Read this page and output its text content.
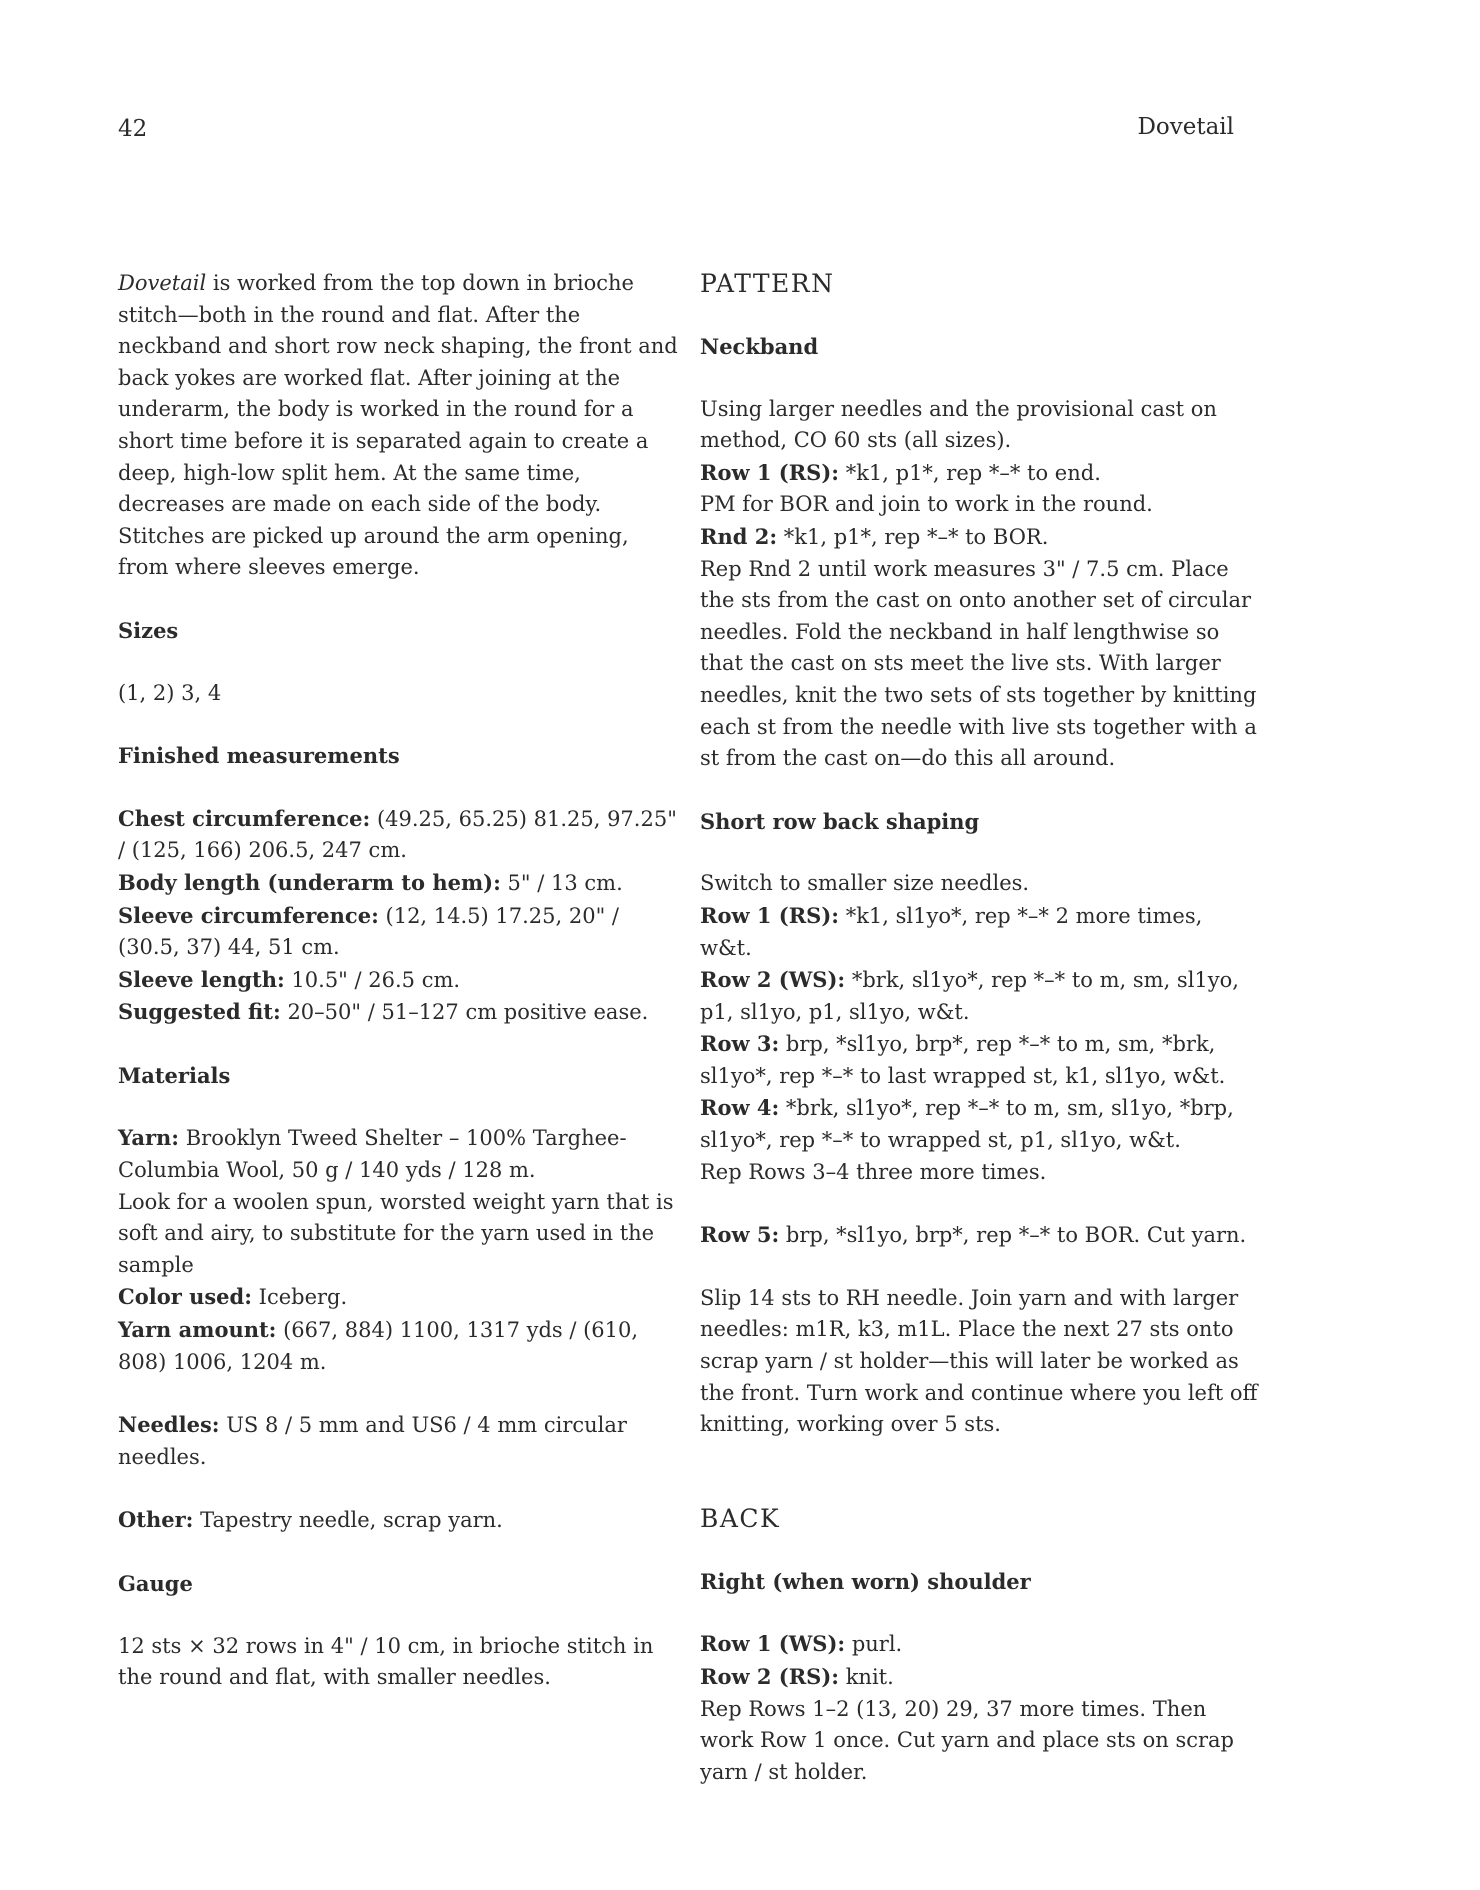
42	Dovetail

Dovetail is worked from the top down in brioche stitch—both in the round and flat. After the neckband and short row neck shaping, the front and back yokes are worked flat. After joining at the underarm, the body is worked in the round for a short time before it is separated again to create a deep, high-low split hem. At the same time, decreases are made on each side of the body. Stitches are picked up around the arm opening, from where sleeves emerge.

Sizes

(1, 2) 3, 4

Finished measurements

Chest circumference: (49.25, 65.25) 81.25, 97.25" / (125, 166) 206.5, 247 cm.

Body length (underarm to hem): 5" / 13 cm.

Sleeve circumference: (12, 14.5) 17.25, 20" / (30.5, 37) 44, 51 cm.

Sleeve length: 10.5" / 26.5 cm.

Suggested fit: 20–50" / 51–127 cm positive ease.

Materials

Yarn: Brooklyn Tweed Shelter – 100% Targhee-Columbia Wool, 50 g / 140 yds / 128 m.

Look for a woolen spun, worsted weight yarn that is soft and airy, to substitute for the yarn used in the sample

Color used: Iceberg.

Yarn amount: (667, 884) 1100, 1317 yds / (610, 808) 1006, 1204 m.

Needles: US 8 / 5 mm and US6 / 4 mm circular needles.

Other: Tapestry needle, scrap yarn.

Gauge

12 sts × 32 rows in 4" / 10 cm, in brioche stitch in the round and flat, with smaller needles.

PATTERN
Neckband

Using larger needles and the provisional cast on method, CO 60 sts (all sizes).

Row 1 (RS): *k1, p1*, rep *–* to end.

PM for BOR and join to work in the round.

Rnd 2: *k1, p1*, rep *–* to BOR.

Rep Rnd 2 until work measures 3" / 7.5 cm. Place the sts from the cast on onto another set of circular needles. Fold the neckband in half lengthwise so that the cast on sts meet the live sts. With larger needles, knit the two sets of sts together by knitting each st from the needle with live sts together with a st from the cast on—do this all around.

Short row back shaping

Switch to smaller size needles.

Row 1 (RS): *k1, sl1yo*, rep *–* 2 more times, w&t.

Row 2 (WS): *brk, sl1yo*, rep *–* to m, sm, sl1yo, p1, sl1yo, p1, sl1yo, w&t.

Row 3: brp, *sl1yo, brp*, rep *–* to m, sm, *brk, sl1yo*, rep *–* to last wrapped st, k1, sl1yo, w&t.

Row 4: *brk, sl1yo*, rep *–* to m, sm, sl1yo, *brp, sl1yo*, rep *–* to wrapped st, p1, sl1yo, w&t.

Rep Rows 3–4 three more times.

Row 5: brp, *sl1yo, brp*, rep *–* to BOR. Cut yarn.

Slip 14 sts to RH needle. Join yarn and with larger needles: m1R, k3, m1L. Place the next 27 sts onto scrap yarn / st holder—this will later be worked as the front. Turn work and continue where you left off knitting, working over 5 sts.

BACK
Right (when worn) shoulder

Row 1 (WS): purl.

Row 2 (RS): knit.

Rep Rows 1–2 (13, 20) 29, 37 more times. Then work Row 1 once. Cut yarn and place sts on scrap yarn / st holder.
